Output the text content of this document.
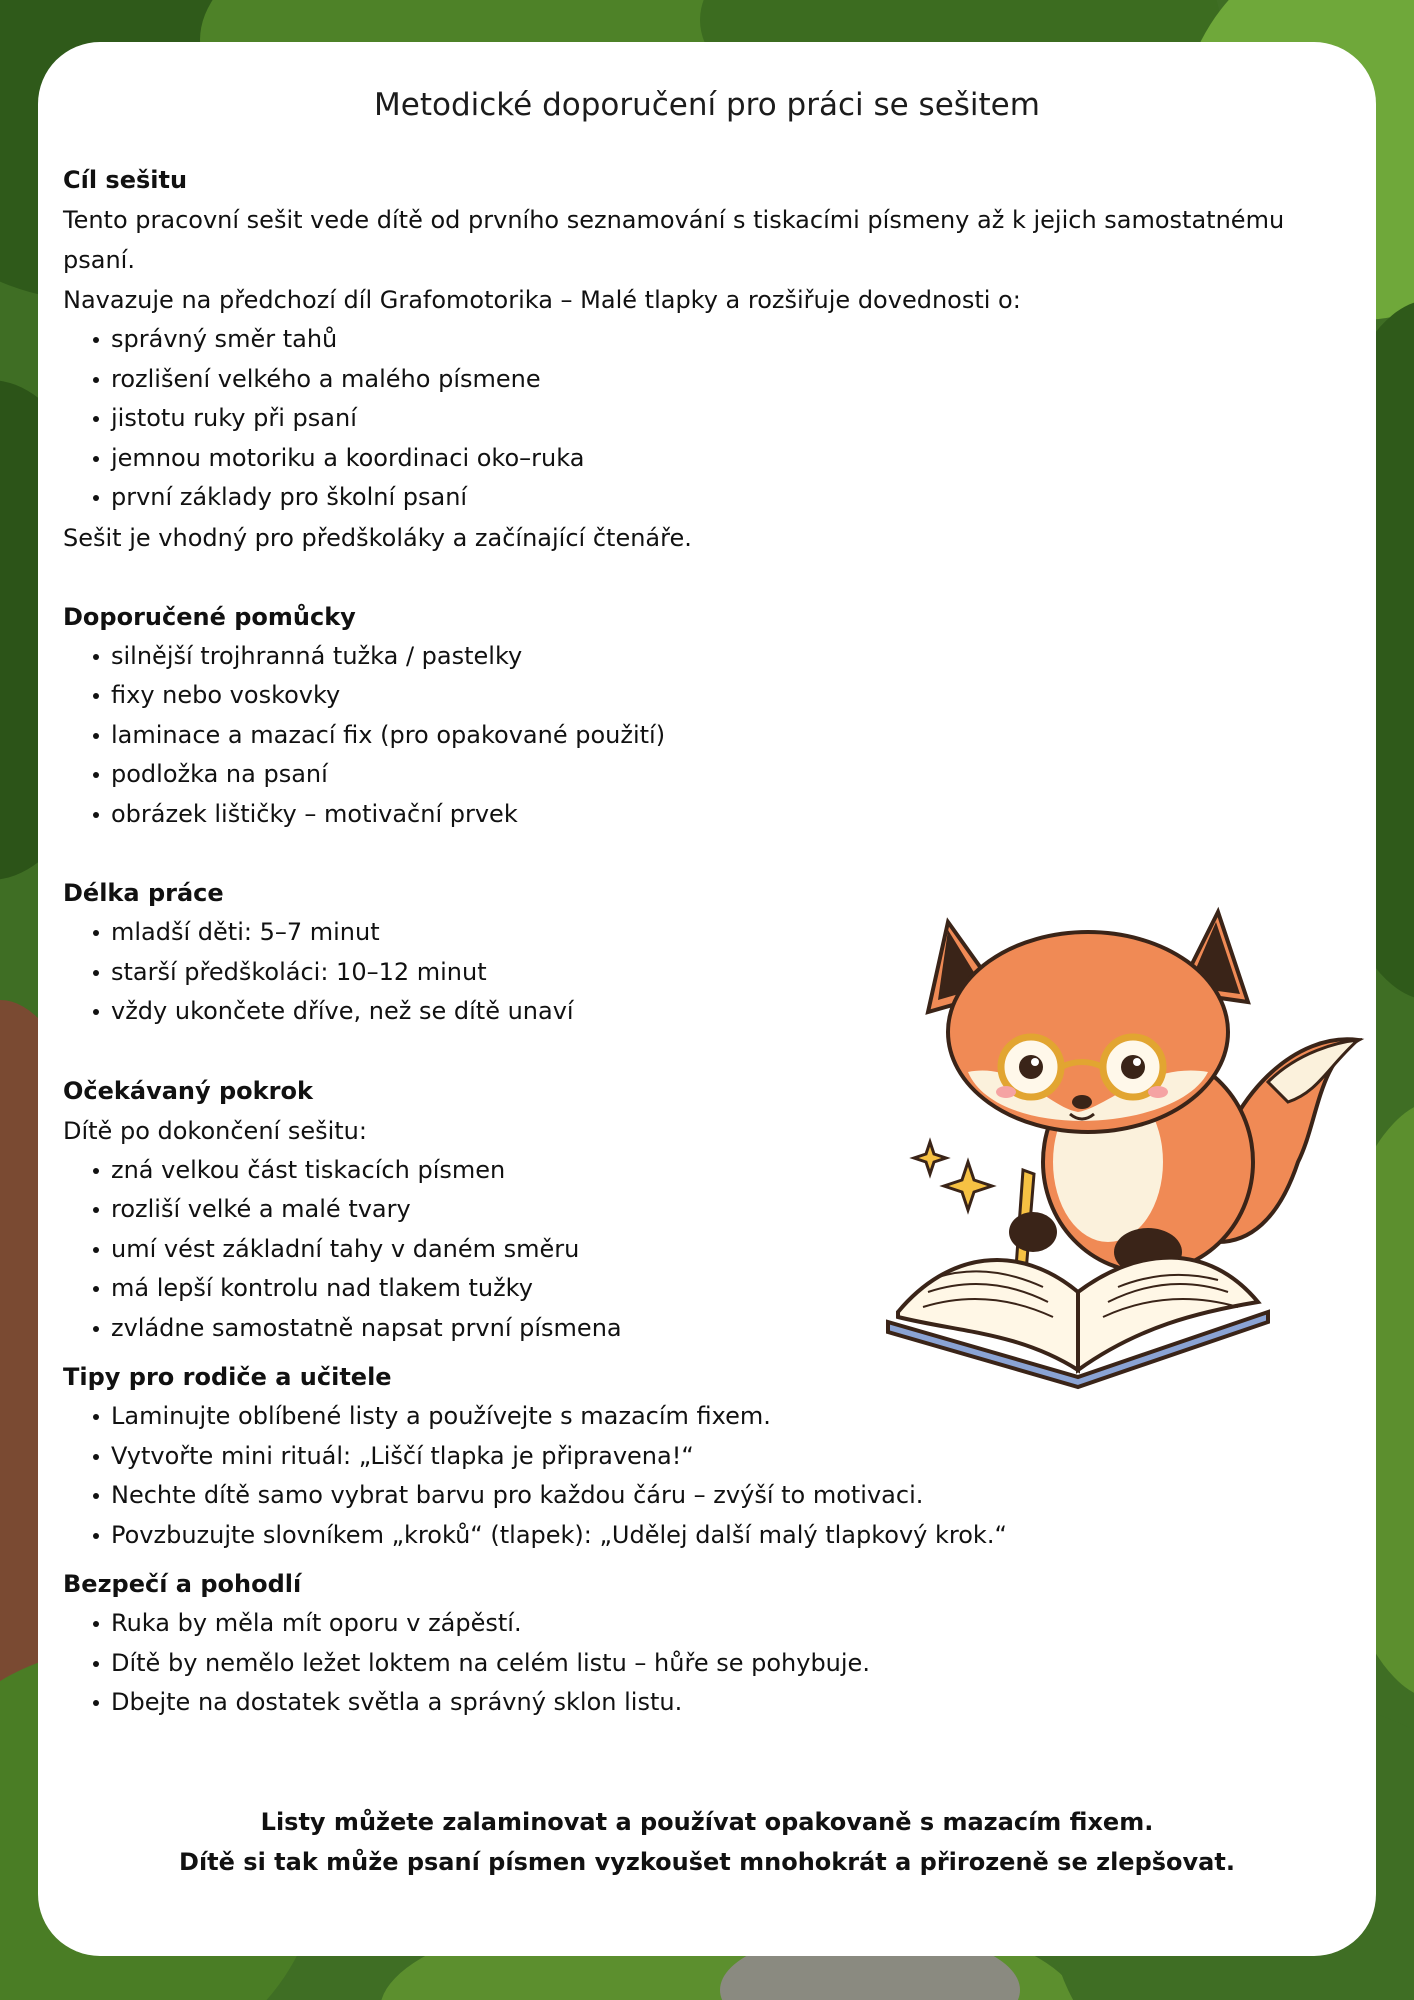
Metodické doporučení pro práci se sešitem
Cíl sešitu

Tento pracovní sešit vede dítě od prvního seznamování s tiskacími písmeny až k jejich samostatnému psaní.

Navazuje na předchozí díl Grafomotorika – Malé tlapky a rozšiřuje dovednosti o:

správný směr tahů
rozlišení velkého a malého písmene
jistotu ruky při psaní
jemnou motoriku a koordinaci oko–ruka
první základy pro školní psaní

Sešit je vhodný pro předškoláky a začínající čtenáře.

Doporučené pomůcky
silnější trojhranná tužka / pastelky
fixy nebo voskovky
laminace a mazací fix (pro opakované použití)
podložka na psaní
obrázek lištičky – motivační prvek
Délka práce
mladší děti: 5–7 minut
starší předškoláci: 10–12 minut
vždy ukončete dříve, než se dítě unaví
Očekávaný pokrok

Dítě po dokončení sešitu:

zná velkou část tiskacích písmen
rozliší velké a malé tvary
umí vést základní tahy v daném směru
má lepší kontrolu nad tlakem tužky
zvládne samostatně napsat první písmena
Tipy pro rodiče a učitele
Laminujte oblíbené listy a používejte s mazacím fixem.
Vytvořte mini rituál: „Liščí tlapka je připravena!“
Nechte dítě samo vybrat barvu pro každou čáru – zvýší to motivaci.
Povzbuzujte slovníkem „kroků“ (tlapek): „Udělej další malý tlapkový krok.“
Bezpečí a pohodlí
Ruka by měla mít oporu v zápěstí.
Dítě by nemělo ležet loktem na celém listu – hůře se pohybuje.
Dbejte na dostatek světla a správný sklon listu.
Listy můžete zalaminovat a používat opakovaně s mazacím fixem.
Dítě si tak může psaní písmen vyzkoušet mnohokrát a přirozeně se zlepšovat.
